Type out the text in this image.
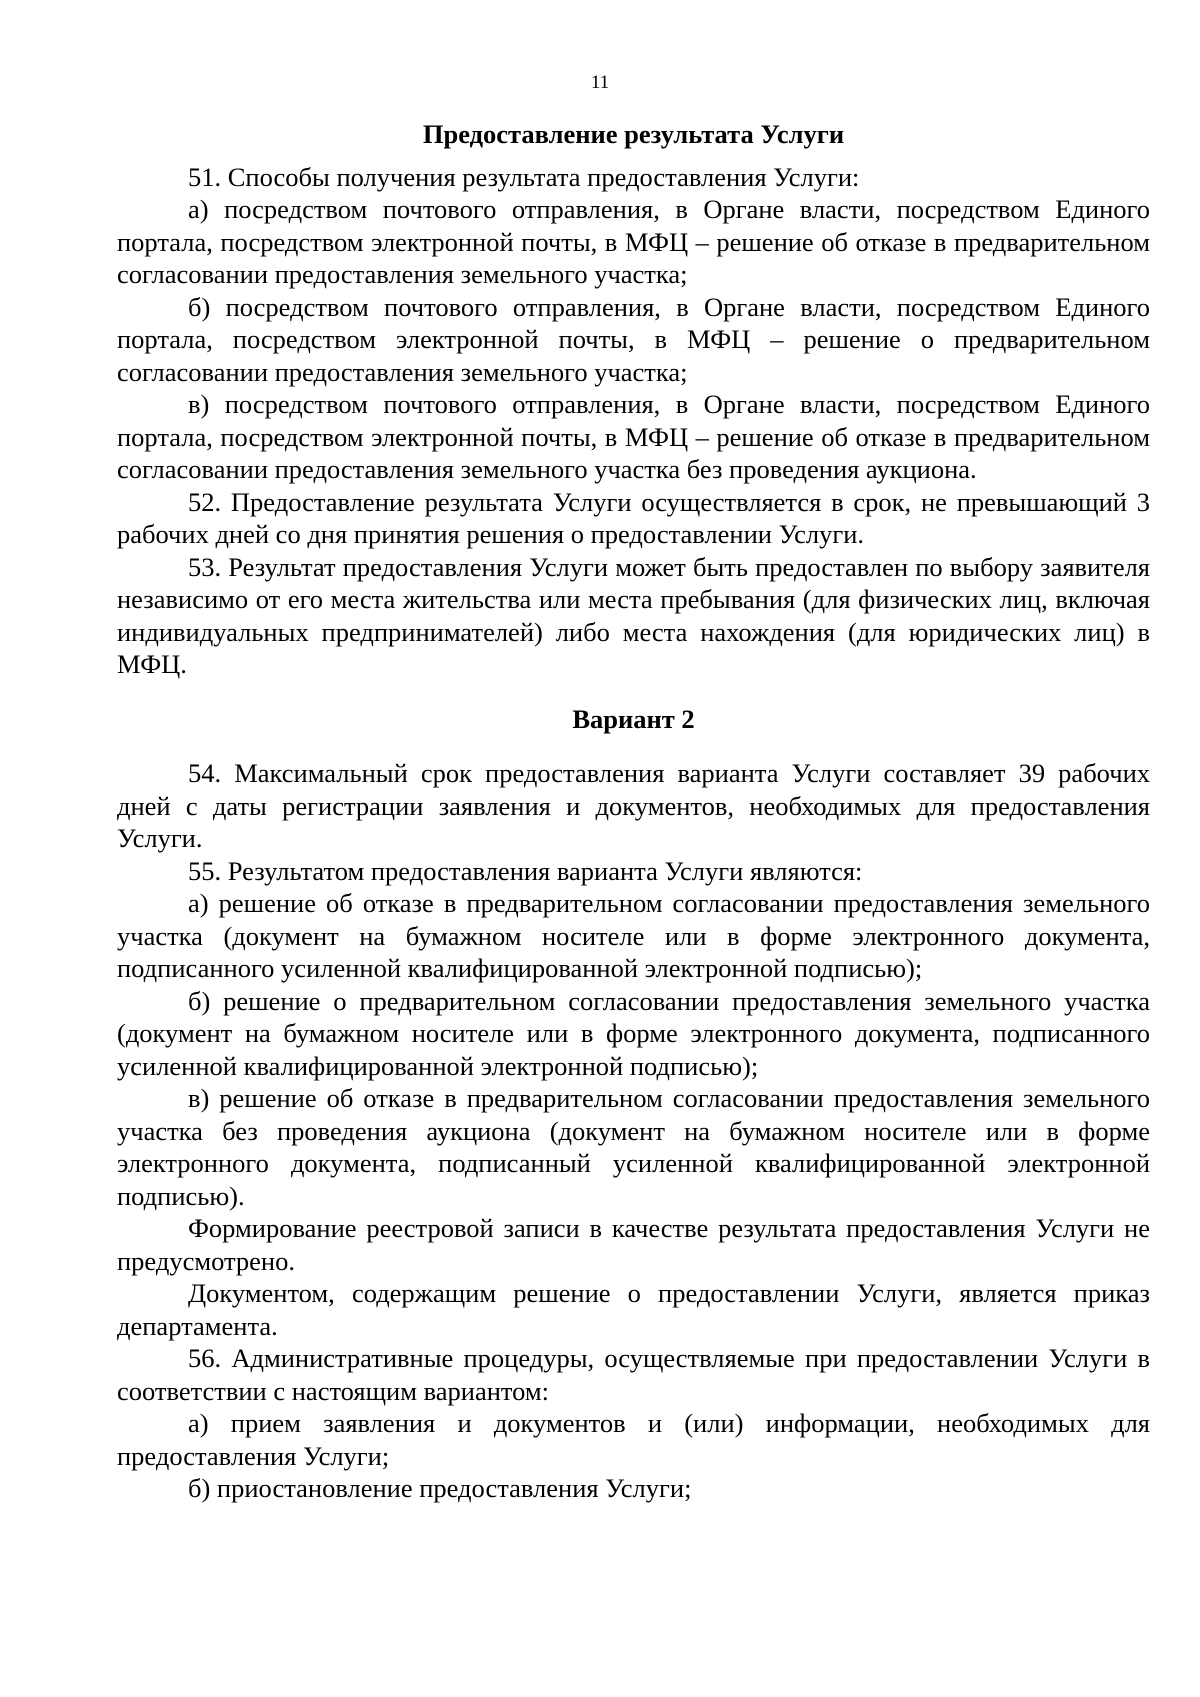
11
Предоставление результата Услуги

51. Способы получения результата предоставления Услуги:

а) посредством почтового отправления, в Органе власти, посредством Единого портала, посредством электронной почты, в МФЦ – решение об отказе в предварительном согласовании предоставления земельного участка;

б) посредством почтового отправления, в Органе власти, посредством Единого портала, посредством электронной почты, в МФЦ – решение о предварительном согласовании предоставления земельного участка;

в) посредством почтового отправления, в Органе власти, посредством Единого портала, посредством электронной почты, в МФЦ – решение об отказе в предварительном согласовании предоставления земельного участка без проведения аукциона.

52. Предоставление результата Услуги осуществляется в срок, не превышающий 3 рабочих дней со дня принятия решения о предоставлении Услуги.

53. Результат предоставления Услуги может быть предоставлен по выбору заявителя независимо от его места жительства или места пребывания (для физических лиц, включая индивидуальных предпринимателей) либо места нахождения (для юридических лиц) в МФЦ.

Вариант 2

54. Максимальный срок предоставления варианта Услуги составляет 39 рабочих дней с даты регистрации заявления и документов, необходимых для предоставления Услуги.

55. Результатом предоставления варианта Услуги являются:

а) решение об отказе в предварительном согласовании предоставления земельного участка (документ на бумажном носителе или в форме электронного документа, подписанного усиленной квалифицированной электронной подписью);

б) решение о предварительном согласовании предоставления земельного участка (документ на бумажном носителе или в форме электронного документа, подписанного усиленной квалифицированной электронной подписью);

в) решение об отказе в предварительном согласовании предоставления земельного участка без проведения аукциона (документ на бумажном носителе или в форме электронного документа, подписанный усиленной квалифицированной электронной подписью).

Формирование реестровой записи в качестве результата предоставления Услуги не предусмотрено.

Документом, содержащим решение о предоставлении Услуги, является приказ департамента.

56. Административные процедуры, осуществляемые при предоставлении Услуги в соответствии с настоящим вариантом:

а) прием заявления и документов и (или) информации, необходимых для предоставления Услуги;

б) приостановление предоставления Услуги;
